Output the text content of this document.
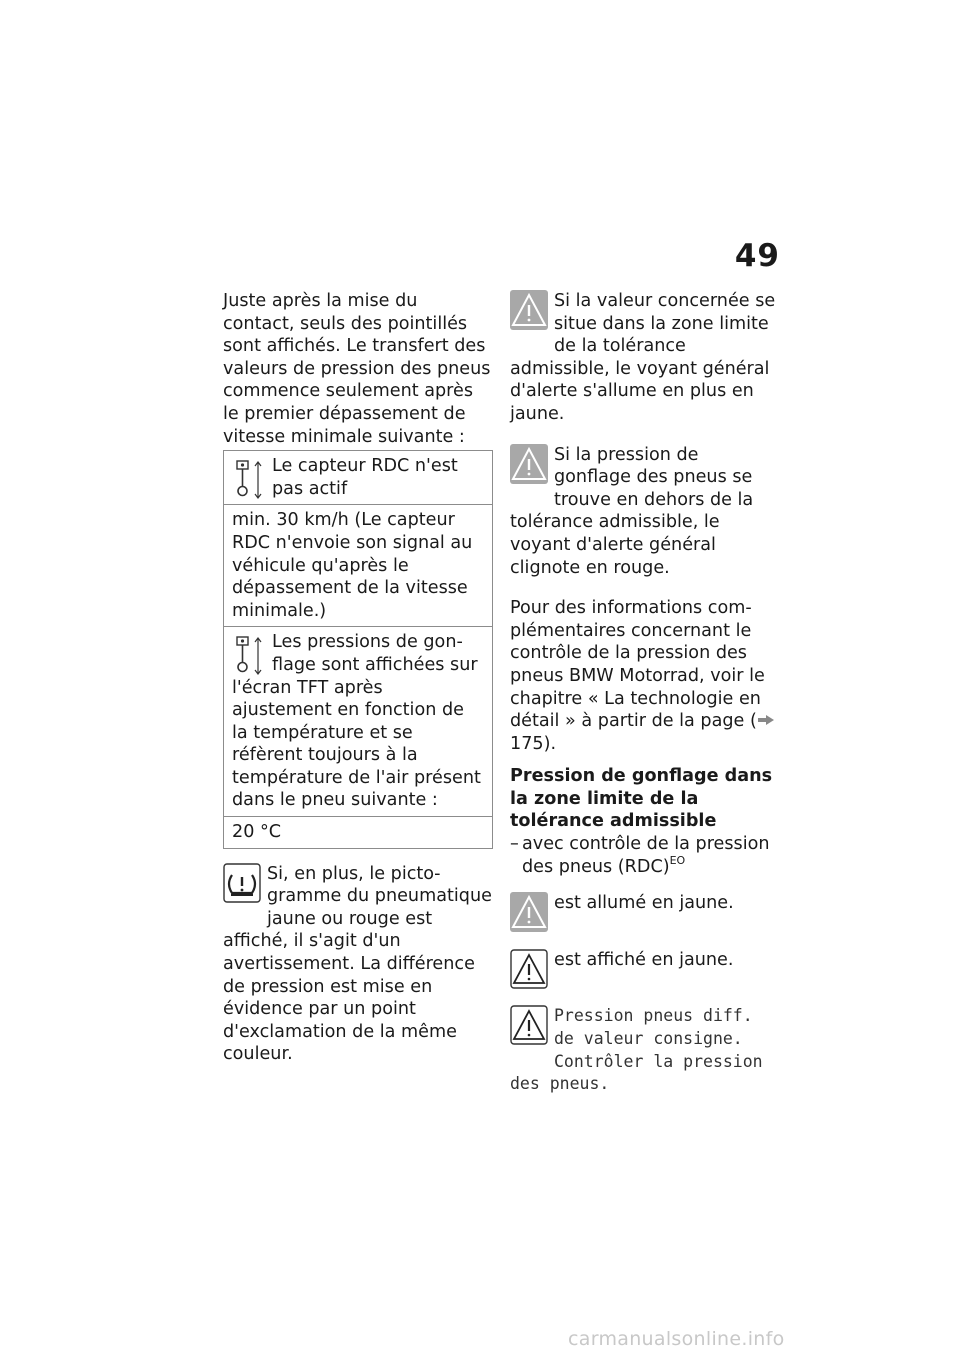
49

Juste après la mise du contact, seuls des pointillés sont affichés. Le transfert des valeurs de pression des pneus commence seulement après le premier dépassement de vitesse minimale suivante :

Le capteur RDC n'est pas actif

min. 30 km/h (Le capteur RDC n'envoie son signal au véhicule qu'après le dépassement de la vitesse minimale.)

Les pressions de gonflage sont affichées sur l'écran TFT après ajustement en fonction de la température et se réfèrent toujours à la température de l'air présent dans le pneu suivante :

20 °C

Si, en plus, le pictogramme du pneumatique jaune ou rouge est affiché, il s'agit d'un avertissement. La différence de pression est mise en évidence par un point d'exclamation de la même couleur.

Si la valeur concernée se situe dans la zone limite de la tolérance admissible, le voyant général d'alerte s'allume en plus en jaune.

Si la pression de gonflage des pneus se trouve en dehors de la tolérance admissible, le voyant d'alerte général clignote en rouge.

Pour des informations complémentaires concernant le contrôle de la pression des pneus BMW Motorrad, voir le chapitre « La technologie en détail » à partir de la page (175).

Pression de gonflage dans la zone limite de la tolérance admissible

– avec contrôle de la pression des pneus (RDC)$^{EO}$

est allumé en jaune.

est affiché en jaune.

Pression pneus diff. de valeur consigne. Contrôler la pression des pneus.

carmanualsonline.info
